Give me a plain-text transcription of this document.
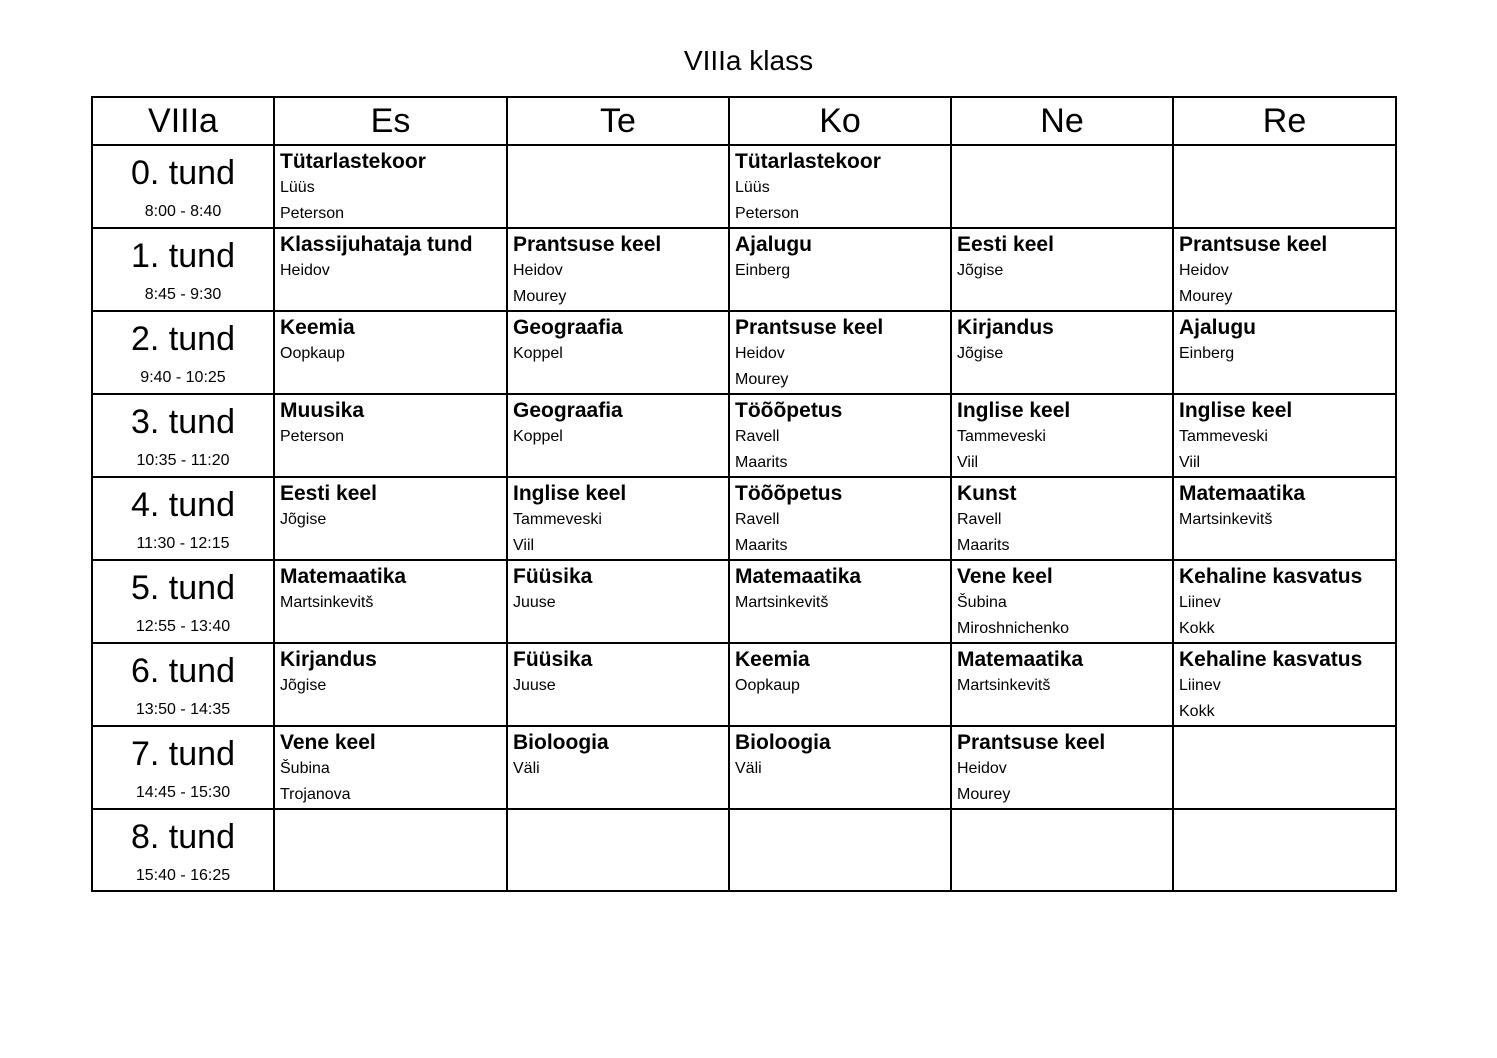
VIIIa klass
VIIIa	Es	Te	Ko	Ne	Re

0. tund
8:00 - 8:40	Tütarlastekoor
Lüüs
Peterson		Tütarlastekoor
Lüüs
Peterson		

1. tund
8:45 - 9:30	Klassijuhataja tund
Heidov	Prantsuse keel
Heidov
Mourey	Ajalugu
Einberg	Eesti keel
Jõgise	Prantsuse keel
Heidov
Mourey

2. tund
9:40 - 10:25	Keemia
Oopkaup	Geograafia
Koppel	Prantsuse keel
Heidov
Mourey	Kirjandus
Jõgise	Ajalugu
Einberg

3. tund
10:35 - 11:20	Muusika
Peterson	Geograafia
Koppel	Töõõpetus
Ravell
Maarits	Inglise keel
Tammeveski
Viil	Inglise keel
Tammeveski
Viil

4. tund
11:30 - 12:15	Eesti keel
Jõgise	Inglise keel
Tammeveski
Viil	Töõõpetus
Ravell
Maarits	Kunst
Ravell
Maarits	Matemaatika
Martsinkevitš

5. tund
12:55 - 13:40	Matemaatika
Martsinkevitš	Füüsika
Juuse	Matemaatika
Martsinkevitš	Vene keel
Šubina
Miroshnichenko	Kehaline kasvatus
Liinev
Kokk

6. tund
13:50 - 14:35	Kirjandus
Jõgise	Füüsika
Juuse	Keemia
Oopkaup	Matemaatika
Martsinkevitš	Kehaline kasvatus
Liinev
Kokk

7. tund
14:45 - 15:30	Vene keel
Šubina
Trojanova	Bioloogia
Väli	Bioloogia
Väli	Prantsuse keel
Heidov
Mourey	

8. tund
15:40 - 16:25					
